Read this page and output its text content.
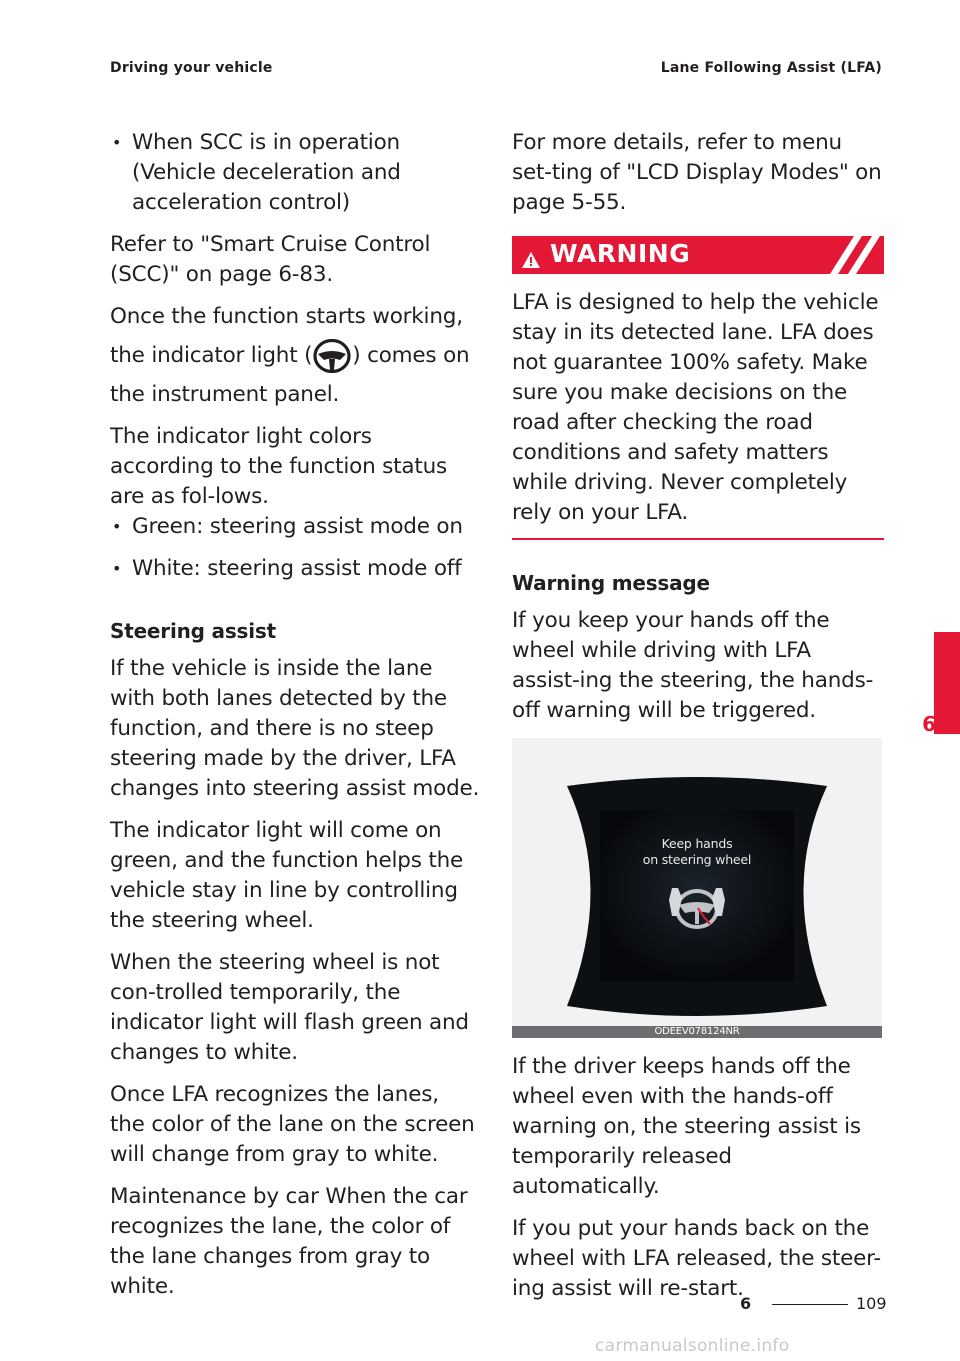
Driving your vehicle	Lane Following Assist (LFA)

• When SCC is in operation (Vehicle deceleration and acceleration control)

Refer to "Smart Cruise Control (SCC)" on page 6-83.

Once the function starts working,

the indicator light ( ) comes on

the instrument panel.

The indicator light colors according to the function status are as fol-lows.

• Green: steering assist mode on

• White: steering assist mode off

Steering assist

If the vehicle is inside the lane with both lanes detected by the function, and there is no steep steering made by the driver, LFA changes into steering assist mode.

The indicator light will come on green, and the function helps the vehicle stay in line by controlling the steering wheel.

When the steering wheel is not con-trolled temporarily, the indicator light will flash green and changes to white.

Once LFA recognizes the lanes, the color of the lane on the screen will change from gray to white.

Maintenance by car When the car recognizes the lane, the color of the lane changes from gray to white.

For more details, refer to menu set-ting of "LCD Display Modes" on page 5-55.

WARNING

LFA is designed to help the vehicle stay in its detected lane. LFA does not guarantee 100% safety. Make sure you make decisions on the road after checking the road conditions and safety matters while driving. Never completely rely on your LFA.

Warning message

If you keep your hands off the wheel while driving with LFA assist-ing the steering, the hands-off warning will be triggered.

Keep hands
on steering wheel
ODEEV078124NR

If the driver keeps hands off the wheel even with the hands-off warning on, the steering assist is temporarily released automatically.

If you put your hands back on the wheel with LFA released, the steer-ing assist will re-start.

6
6	109
carmanualsonline.info
